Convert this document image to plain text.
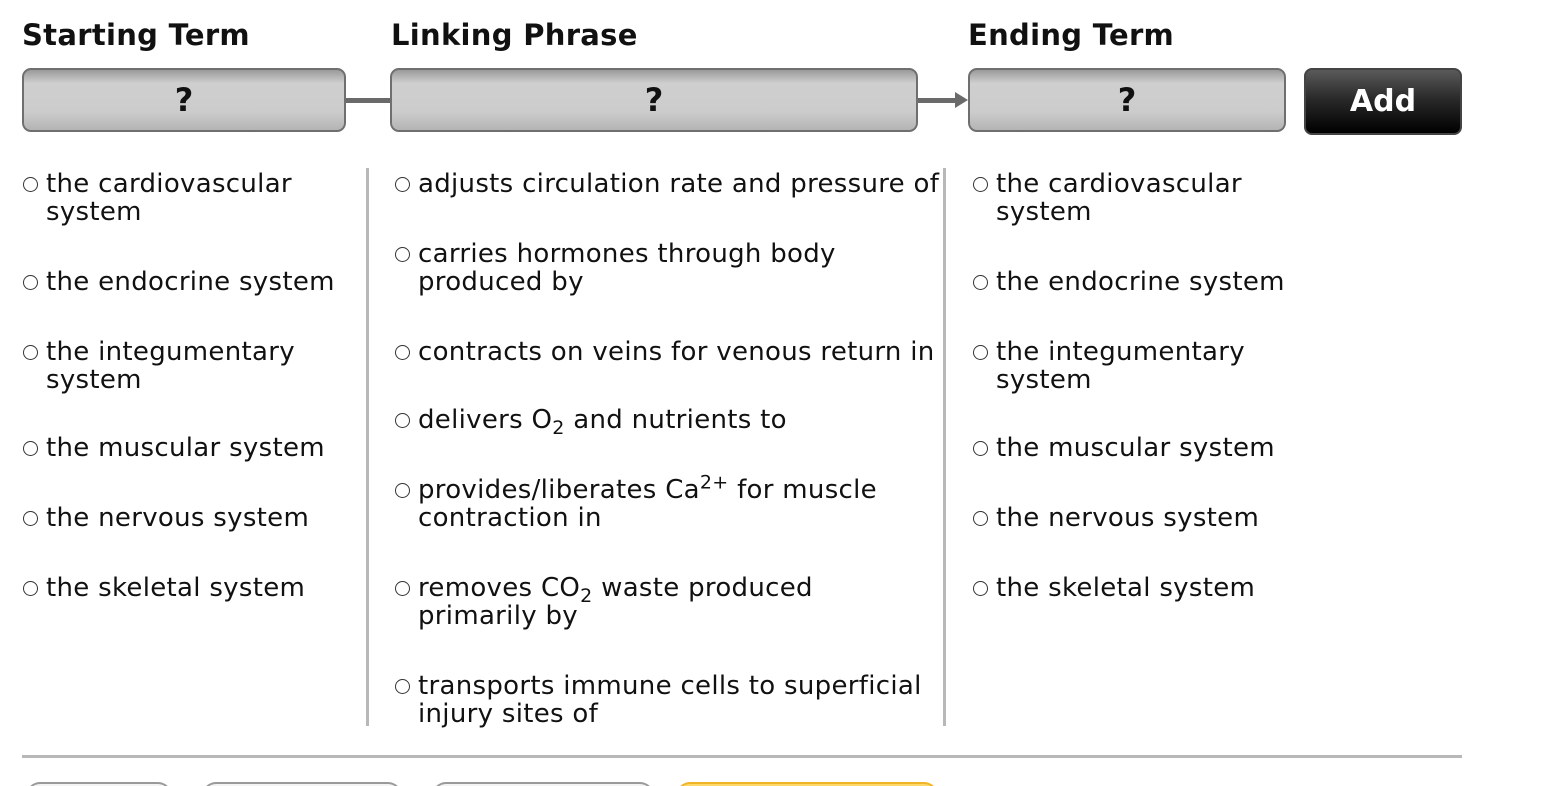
Starting Term	Linking Phrase	Ending Term
?	?	?	Add
the cardiovascular
system
the endocrine system
the integumentary
system
the muscular system
the nervous system
the skeletal system
adjusts circulation rate and pressure of
carries hormones through body
produced by
contracts on veins for venous return in
delivers $O_2$ and nutrients to
provides/liberates $Ca^{2+}$ for muscle
contraction in
removes $CO_2$ waste produced
primarily by
transports immune cells to superficial
injury sites of
the cardiovascular
system
the endocrine system
the integumentary
system
the muscular system
the nervous system
the skeletal system
